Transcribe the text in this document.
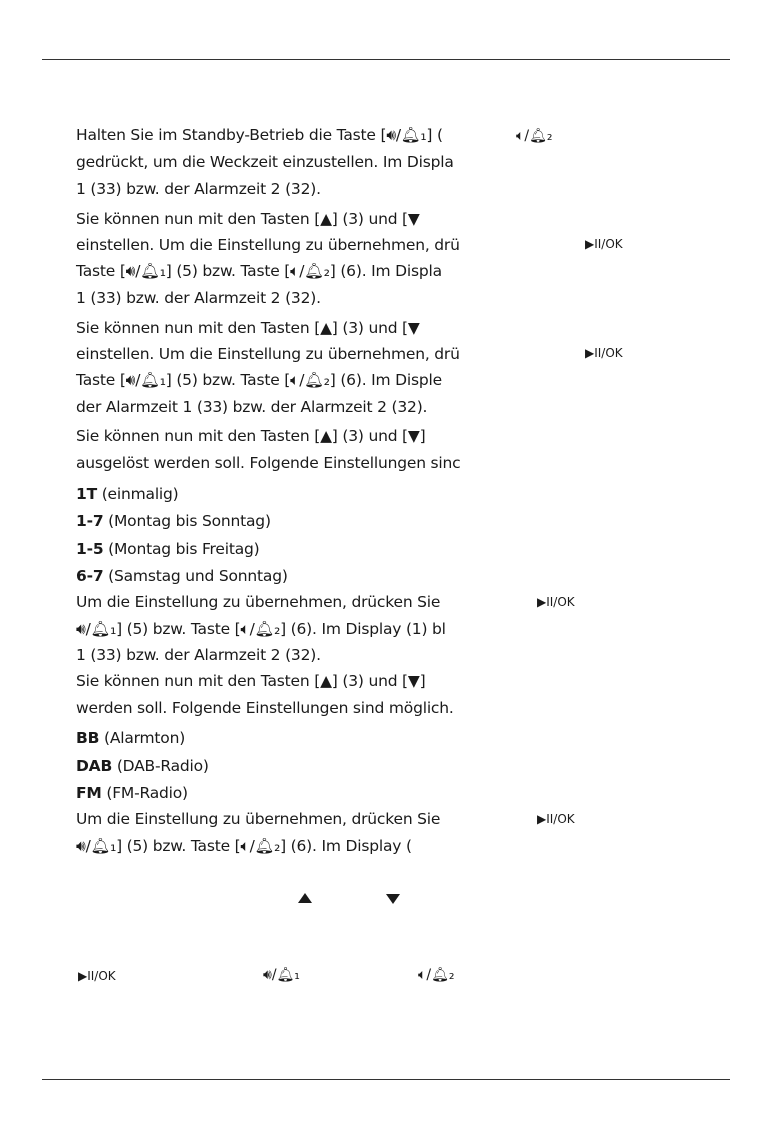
Halten Sie im Standby-Betrieb die Taste [🔊︎/🔔︎₁] (
gedrückt, um die Weckzeit einzustellen. Im Displa
1 (33) bzw. der Alarmzeit 2 (32).
Sie können nun mit den Tasten [▲] (3) und [▼
einstellen. Um die Einstellung zu übernehmen, drü
Taste [🔊︎/🔔︎₁] (5) bzw. Taste [🔈︎/🔔︎₂] (6). Im Displa
1 (33) bzw. der Alarmzeit 2 (32).
Sie können nun mit den Tasten [▲] (3) und [▼
einstellen. Um die Einstellung zu übernehmen, drü
Taste [🔊︎/🔔︎₁] (5) bzw. Taste [🔈︎/🔔︎₂] (6). Im Disple
der Alarmzeit 1 (33) bzw. der Alarmzeit 2 (32).
Sie können nun mit den Tasten [▲] (3) und [▼]
ausgelöst werden soll. Folgende Einstellungen sinc
1T (einmalig)
1-7 (Montag bis Sonntag)
1-5 (Montag bis Freitag)
6-7 (Samstag und Sonntag)
Um die Einstellung zu übernehmen, drücken Sie
🔊︎/🔔︎₁] (5) bzw. Taste [🔈︎/🔔︎₂] (6). Im Display (1) bl
1 (33) bzw. der Alarmzeit 2 (32).
Sie können nun mit den Tasten [▲] (3) und [▼]
werden soll. Folgende Einstellungen sind möglich.
BB (Alarmton)
DAB (DAB-Radio)
FM (FM-Radio)
Um die Einstellung zu übernehmen, drücken Sie
🔊︎/🔔︎₁] (5) bzw. Taste [🔈︎/🔔︎₂] (6). Im Display (
🔈︎/🔔︎₂
▶︎II/OK
▶︎II/OK
▶︎II/OK
▶︎II/OK
▶︎II/OK	🔊︎/🔔︎₁	🔈︎/🔔︎₂
